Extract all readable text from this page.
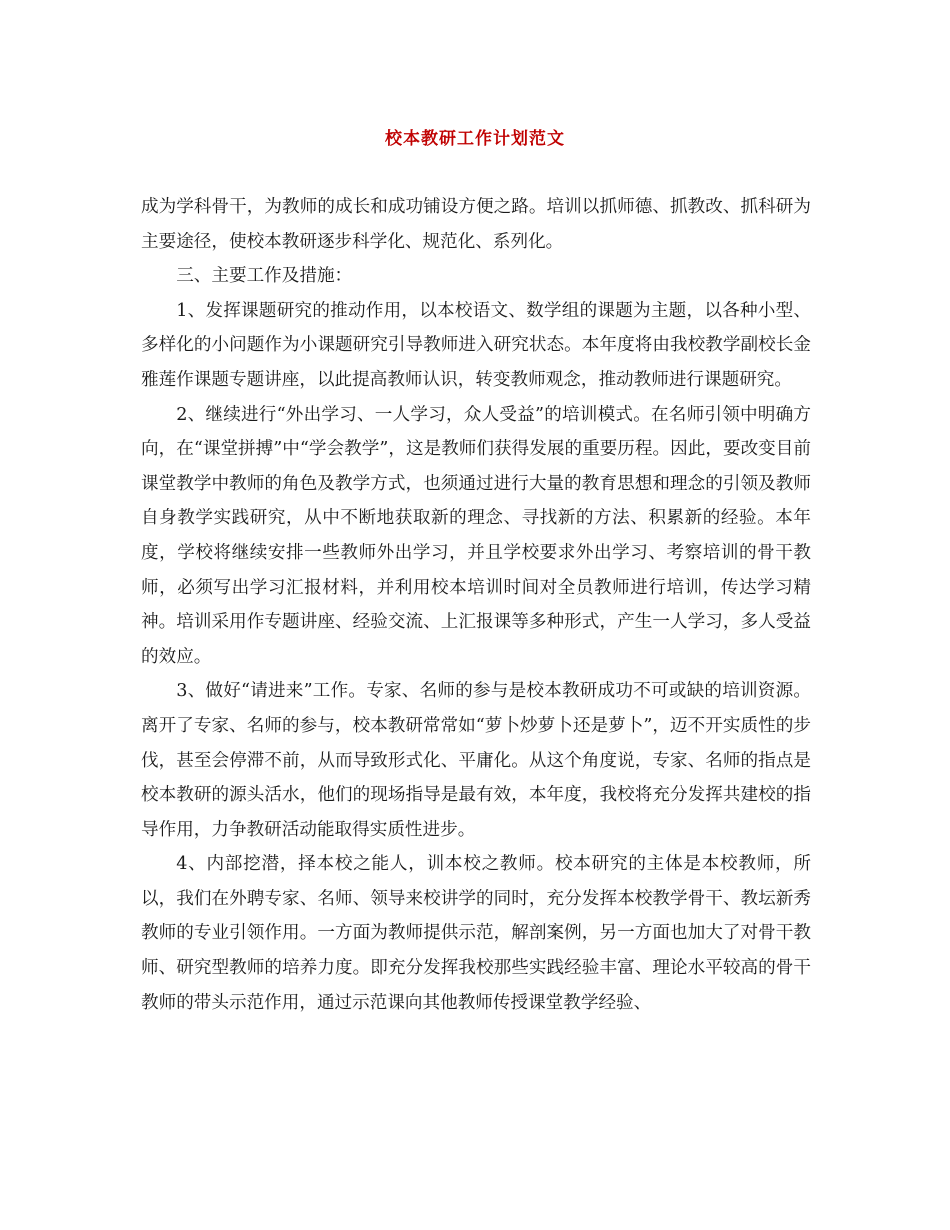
校本教研工作计划范文

成为学科骨干，为教师的成长和成功铺设方便之路。培训以抓师德、抓教改、抓科研为主要途径，使校本教研逐步科学化、规范化、系列化。

三、主要工作及措施：

1、发挥课题研究的推动作用，以本校语文、数学组的课题为主题，以各种小型、多样化的小问题作为小课题研究引导教师进入研究状态。本年度将由我校教学副校长金雅莲作课题专题讲座，以此提高教师认识，转变教师观念，推动教师进行课题研究。

2、继续进行“外出学习、一人学习，众人受益”的培训模式。在名师引领中明确方向，在“课堂拼搏”中“学会教学”，这是教师们获得发展的重要历程。因此，要改变目前课堂教学中教师的角色及教学方式，也须通过进行大量的教育思想和理念的引领及教师自身教学实践研究，从中不断地获取新的理念、寻找新的方法、积累新的经验。本年度，学校将继续安排一些教师外出学习，并且学校要求外出学习、考察培训的骨干教师，必须写出学习汇报材料，并利用校本培训时间对全员教师进行培训，传达学习精神。培训采用作专题讲座、经验交流、上汇报课等多种形式，产生一人学习，多人受益的效应。

3、做好“请进来”工作。专家、名师的参与是校本教研成功不可或缺的培训资源。离开了专家、名师的参与，校本教研常常如“萝卜炒萝卜还是萝卜”，迈不开实质性的步伐，甚至会停滞不前，从而导致形式化、平庸化。从这个角度说，专家、名师的指点是校本教研的源头活水，他们的现场指导是最有效，本年度，我校将充分发挥共建校的指导作用，力争教研活动能取得实质性进步。

4、内部挖潜，择本校之能人，训本校之教师。校本研究的主体是本校教师，所以，我们在外聘专家、名师、领导来校讲学的同时，充分发挥本校教学骨干、教坛新秀教师的专业引领作用。一方面为教师提供示范，解剖案例，另一方面也加大了对骨干教师、研究型教师的培养力度。即充分发挥我校那些实践经验丰富、理论水平较高的骨干教师的带头示范作用，通过示范课向其他教师传授课堂教学经验、
